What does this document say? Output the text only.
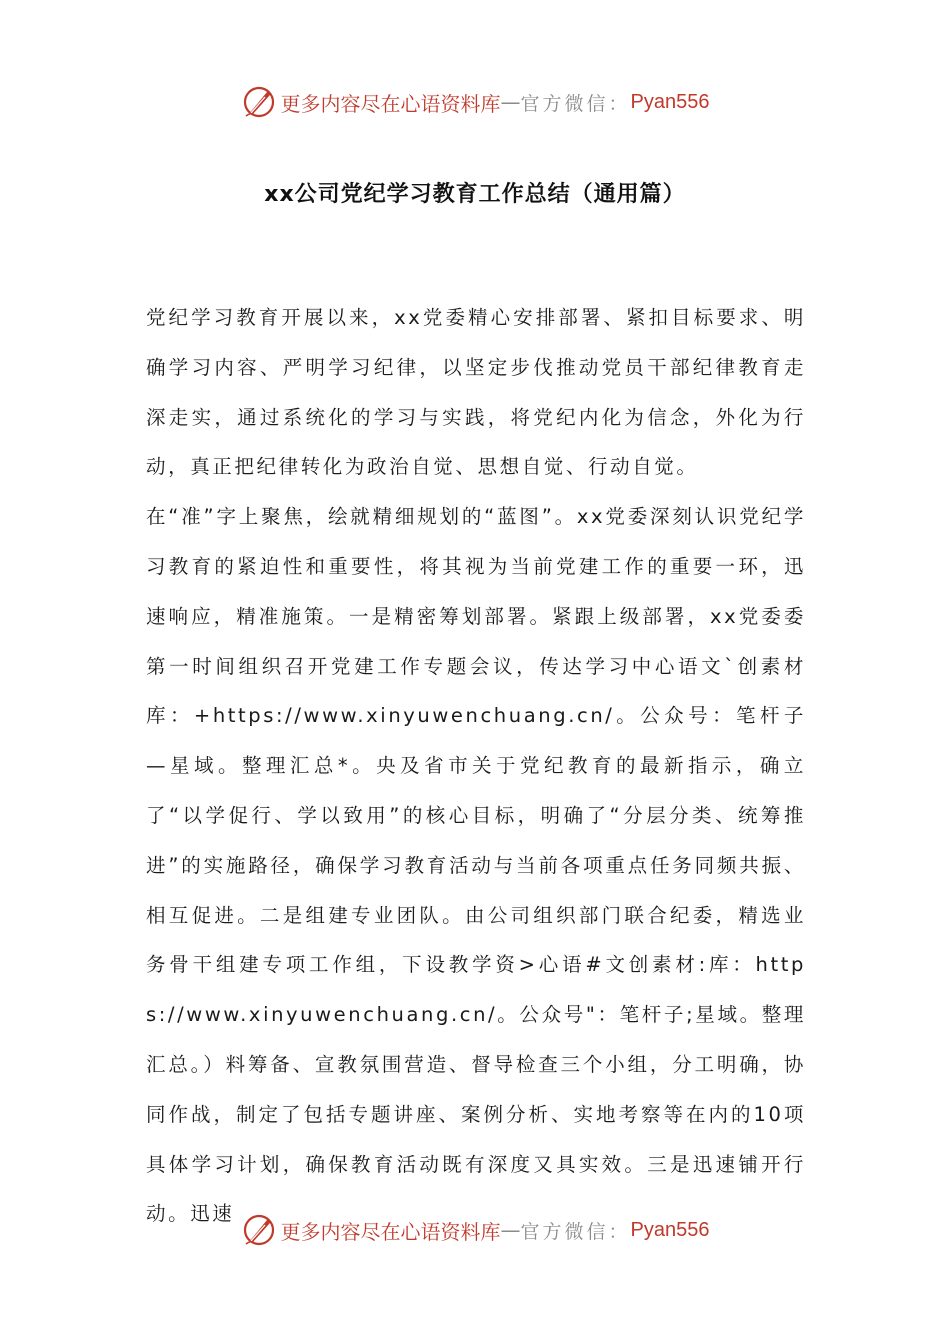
更多内容尽在心语资料库 — 官方微信： Pyan556
xx公司党纪学习教育工作总结（通用篇）

党纪学习教育开展以来，xx党委精心安排部署、紧扣目标要求、明确学习内容、严明学习纪律，以坚定步伐推动党员干部纪律教育走深走实，通过系统化的学习与实践，将党纪内化为信念，外化为行动，真正把纪律转化为政治自觉、思想自觉、行动自觉。

在“准”字上聚焦，绘就精细规划的“蓝图”。xx党委深刻认识党纪学习教育的紧迫性和重要性，将其视为当前党建工作的重要一环，迅速响应，精准施策。一是精密筹划部署。紧跟上级部署，xx党委委第一时间组织召开党建工作专题会议，传达学习中心语文`创素材库：+https://www.xinyuwenchuang.cn/。公众号：笔杆子—星域。整理汇总*。央及省市关于党纪教育的最新指示，确立了“以学促行、学以致用”的核心目标，明确了“分层分类、统筹推进”的实施路径，确保学习教育活动与当前各项重点任务同频共振、相互促进。二是组建专业团队。由公司组织部门联合纪委，精选业务骨干组建专项工作组，下设教学资>心语#文创素材:库：https://www.xinyuwenchuang.cn/。公众号"：笔杆子;星域。整理汇总。）料筹备、宣教氛围营造、督导检查三个小组，分工明确，协同作战，制定了包括专题讲座、案例分析、实地考察等在内的10项具体学习计划，确保教育活动既有深度又具实效。三是迅速铺开行动。迅速

更多内容尽在心语资料库 — 官方微信： Pyan556
